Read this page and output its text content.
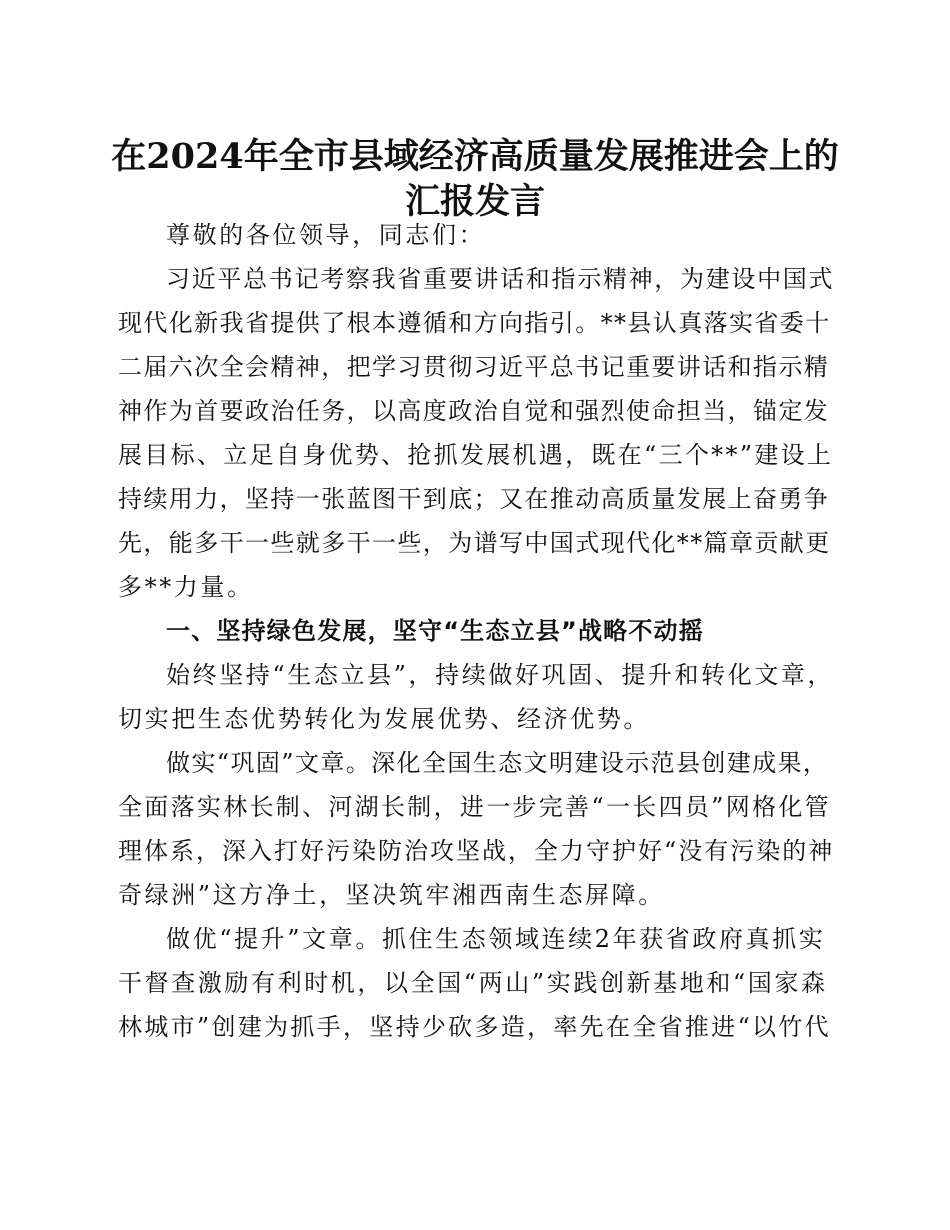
在2024年全市县域经济高质量发展推进会上的
汇报发言
尊敬的各位领导，同志们：
习近平总书记考察我省重要讲话和指示精神，为建设中国式
现代化新我省提供了根本遵循和方向指引。**县认真落实省委十
二届六次全会精神，把学习贯彻习近平总书记重要讲话和指示精
神作为首要政治任务，以高度政治自觉和强烈使命担当，锚定发
展目标、立足自身优势、抢抓发展机遇，既在“三个**”建设上
持续用力，坚持一张蓝图干到底；又在推动高质量发展上奋勇争
先，能多干一些就多干一些，为谱写中国式现代化**篇章贡献更
多**力量。
一、坚持绿色发展，坚守“生态立县”战略不动摇
始终坚持“生态立县”，持续做好巩固、提升和转化文章，
切实把生态优势转化为发展优势、经济优势。
做实“巩固”文章。深化全国生态文明建设示范县创建成果，
全面落实林长制、河湖长制，进一步完善“一长四员”网格化管
理体系，深入打好污染防治攻坚战，全力守护好“没有污染的神
奇绿洲”这方净土，坚决筑牢湘西南生态屏障。
做优“提升”文章。抓住生态领域连续2年获省政府真抓实
干督查激励有利时机，以全国“两山”实践创新基地和“国家森
林城市”创建为抓手，坚持少砍多造，率先在全省推进“以竹代
